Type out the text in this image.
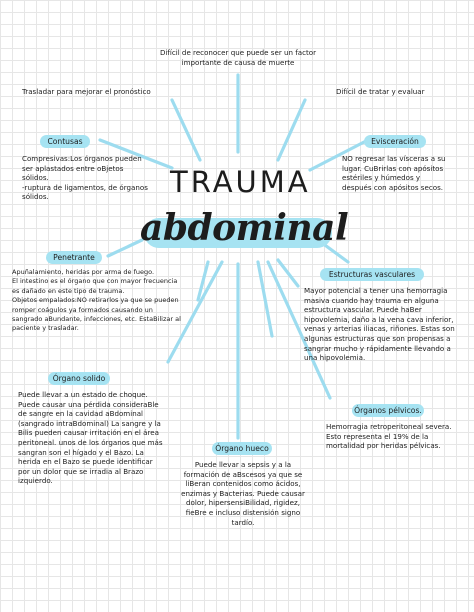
TRAUMA
abdominal
Difícil de reconocer que puede ser un factor
importante de causa de muerte
Trasladar para mejorar el pronóstico	Difícil de tratar y evaluar
Contusas
Compresivas:Los órganos pueden
ser aplastados entre oBjetos
sólidos.
-ruptura de ligamentos, de órganos
sólidos.
Evisceración
NO regresar las vísceras a su
lugar. CuBrirlas con apósitos
estériles y húmedos y
después con apósitos secos.
Penetrante
Apuñalamiento, heridas por arma de fuego.
El intestino es el órgano que con mayor frecuencia
es dañado en este tipo de trauma.
Objetos empalados:NO retirarlos ya que se pueden
romper coágulos ya formados causando un
sangrado aBundante, infecciones, etc. EstaBilizar al
paciente y trasladar.
Estructuras vasculares
Mayor potencial a tener una hemorragia
masiva cuando hay trauma en alguna
estructura vascular. Puede haBer
hipovolemia, daño a la vena cava inferior,
venas y arterias iliacas, riñones. Estas son
algunas estructuras que son propensas a
sangrar mucho y rápidamente llevando a
una hipovolemia.
Órgano solido
Puede llevar a un estado de choque.
Puede causar una pérdida consideraBle
de sangre en la cavidad aBdominal
(sangrado intraBdominal) La sangre y la
Bilis pueden causar irritación en el área
peritoneal. unos de los órganos que más
sangran son el hígado y el Bazo. La
herida en el Bazo se puede identificar
por un dolor que se irradia al Brazo
izquierdo.
Órgano hueco
Puede llevar a sepsis y a la
formación de aBscesos ya que se
liBeran contenidos como ácidos,
enzimas y Bacterias. Puede causar
dolor, hipersensiBilidad, rigidez,
fieBre e incluso distensión signo
tardío.
Órganos pélvicos.
Hemorragia retroperitoneal severa.
Esto representa el 19% de la
mortalidad por heridas pélvicas.
